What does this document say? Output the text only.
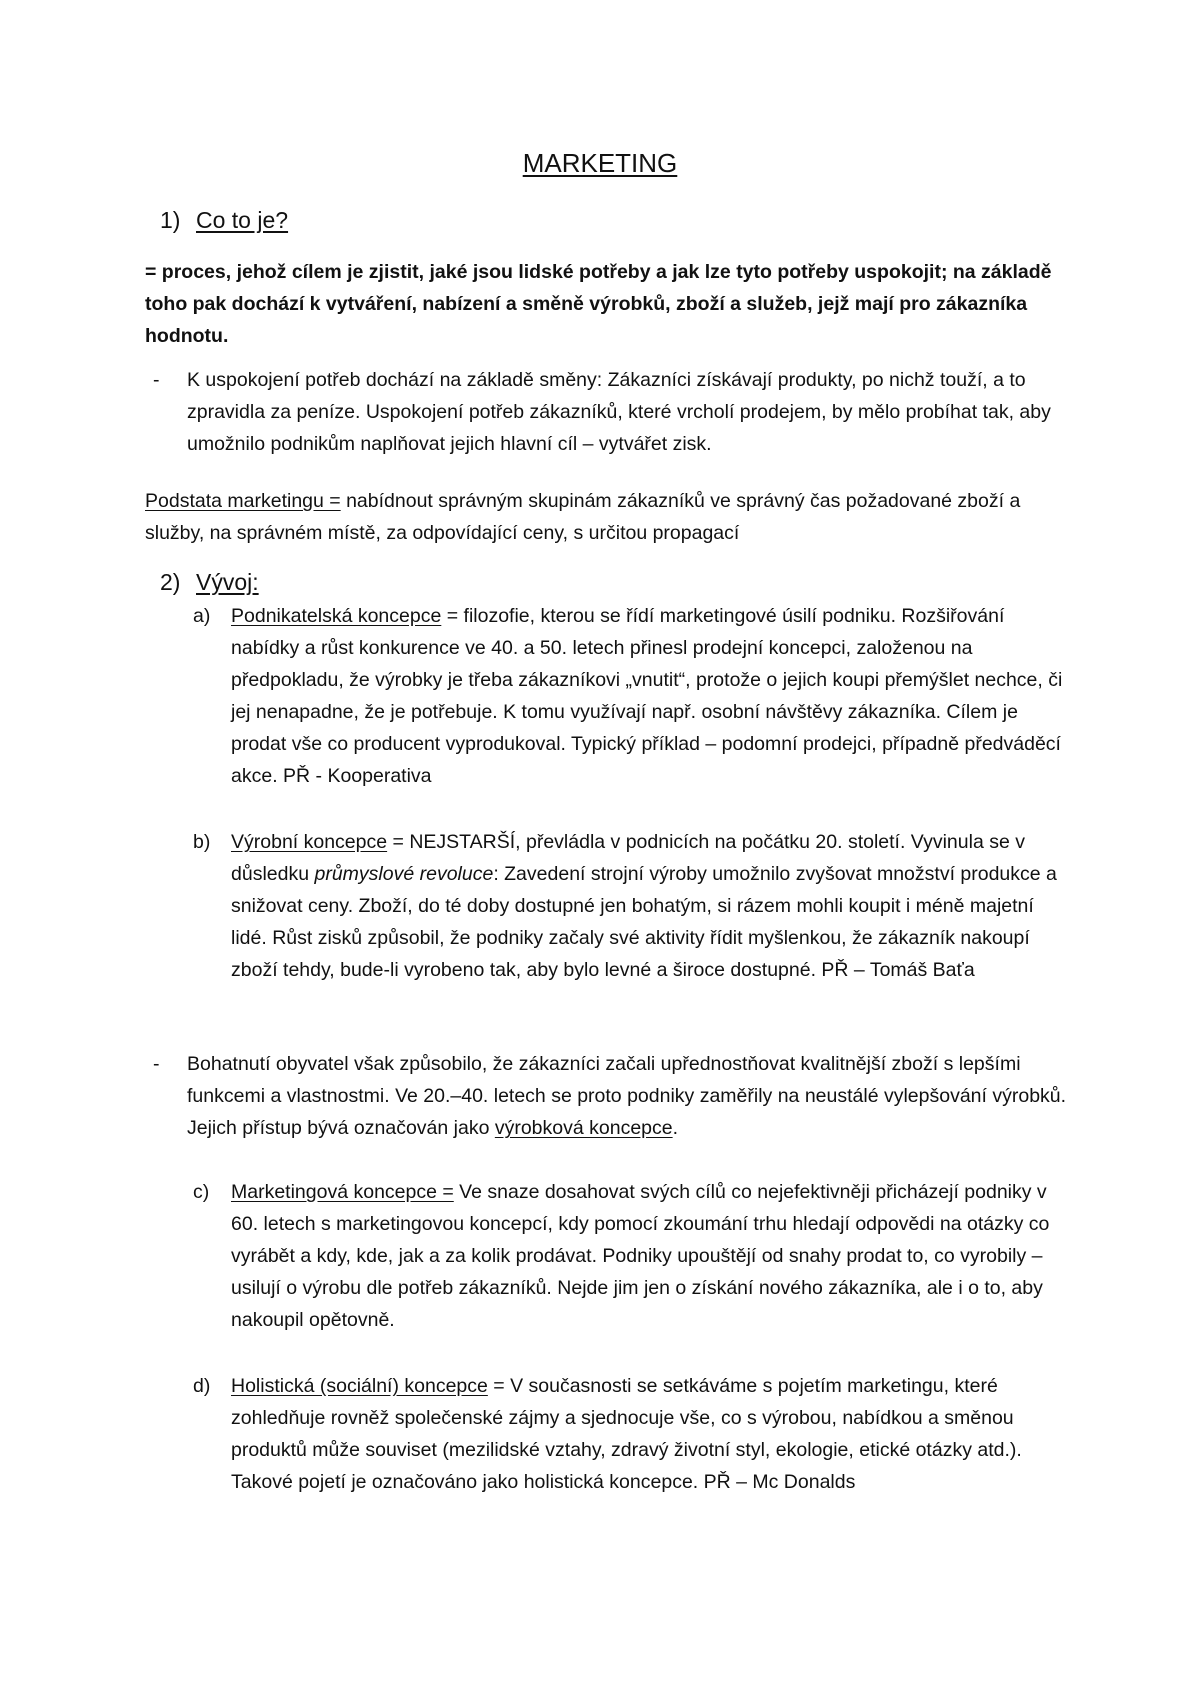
MARKETING
1) Co to je?

= proces, jehož cílem je zjistit, jaké jsou lidské potřeby a jak lze tyto potřeby uspokojit; na základě toho pak dochází k vytváření, nabízení a směně výrobků, zboží a služeb, jejž mají pro zákazníka hodnotu.

- K uspokojení potřeb dochází na základě směny: Zákazníci získávají produkty, po nichž touží, a to zpravidla za peníze. Uspokojení potřeb zákazníků, které vrcholí prodejem, by mělo probíhat tak, aby umožnilo podnikům naplňovat jejich hlavní cíl – vytvářet zisk.

Podstata marketingu = nabídnout správným skupinám zákazníků ve správný čas požadované zboží a služby, na správném místě, za odpovídající ceny, s určitou propagací

2) Vývoj:
a) Podnikatelská koncepce = filozofie, kterou se řídí marketingové úsilí podniku. Rozšiřování nabídky a růst konkurence ve 40. a 50. letech přinesl prodejní koncepci, založenou na předpokladu, že výrobky je třeba zákazníkovi „vnutit“, protože o jejich koupi přemýšlet nechce, či jej nenapadne, že je potřebuje. K tomu využívají např. osobní návštěvy zákazníka. Cílem je prodat vše co producent vyprodukoval. Typický příklad – podomní prodejci, případně předváděcí akce. PŘ - Kooperativa

b) Výrobní koncepce = NEJSTARŠÍ, převládla v podnicích na počátku 20. století. Vyvinula se v důsledku průmyslové revoluce: Zavedení strojní výroby umožnilo zvyšovat množství produkce a snižovat ceny. Zboží, do té doby dostupné jen bohatým, si rázem mohli koupit i méně majetní lidé. Růst zisků způsobil, že podniky začaly své aktivity řídit myšlenkou, že zákazník nakoupí zboží tehdy, bude-li vyrobeno tak, aby bylo levné a široce dostupné. PŘ – Tomáš Baťa

- Bohatnutí obyvatel však způsobilo, že zákazníci začali upřednostňovat kvalitnější zboží s lepšími funkcemi a vlastnostmi. Ve 20.–40. letech se proto podniky zaměřily na neustálé vylepšování výrobků. Jejich přístup bývá označován jako výrobková koncepce.

c) Marketingová koncepce = Ve snaze dosahovat svých cílů co nejefektivněji přicházejí podniky v 60. letech s marketingovou koncepcí, kdy pomocí zkoumání trhu hledají odpovědi na otázky co vyrábět a kdy, kde, jak a za kolik prodávat. Podniky upouštějí od snahy prodat to, co vyrobily – usilují o výrobu dle potřeb zákazníků. Nejde jim jen o získání nového zákazníka, ale i o to, aby nakoupil opětovně.

d) Holistická (sociální) koncepce = V současnosti se setkáváme s pojetím marketingu, které zohledňuje rovněž společenské zájmy a sjednocuje vše, co s výrobou, nabídkou a směnou produktů může souviset (mezilidské vztahy, zdravý životní styl, ekologie, etické otázky atd.). Takové pojetí je označováno jako holistická koncepce. PŘ – Mc Donalds
